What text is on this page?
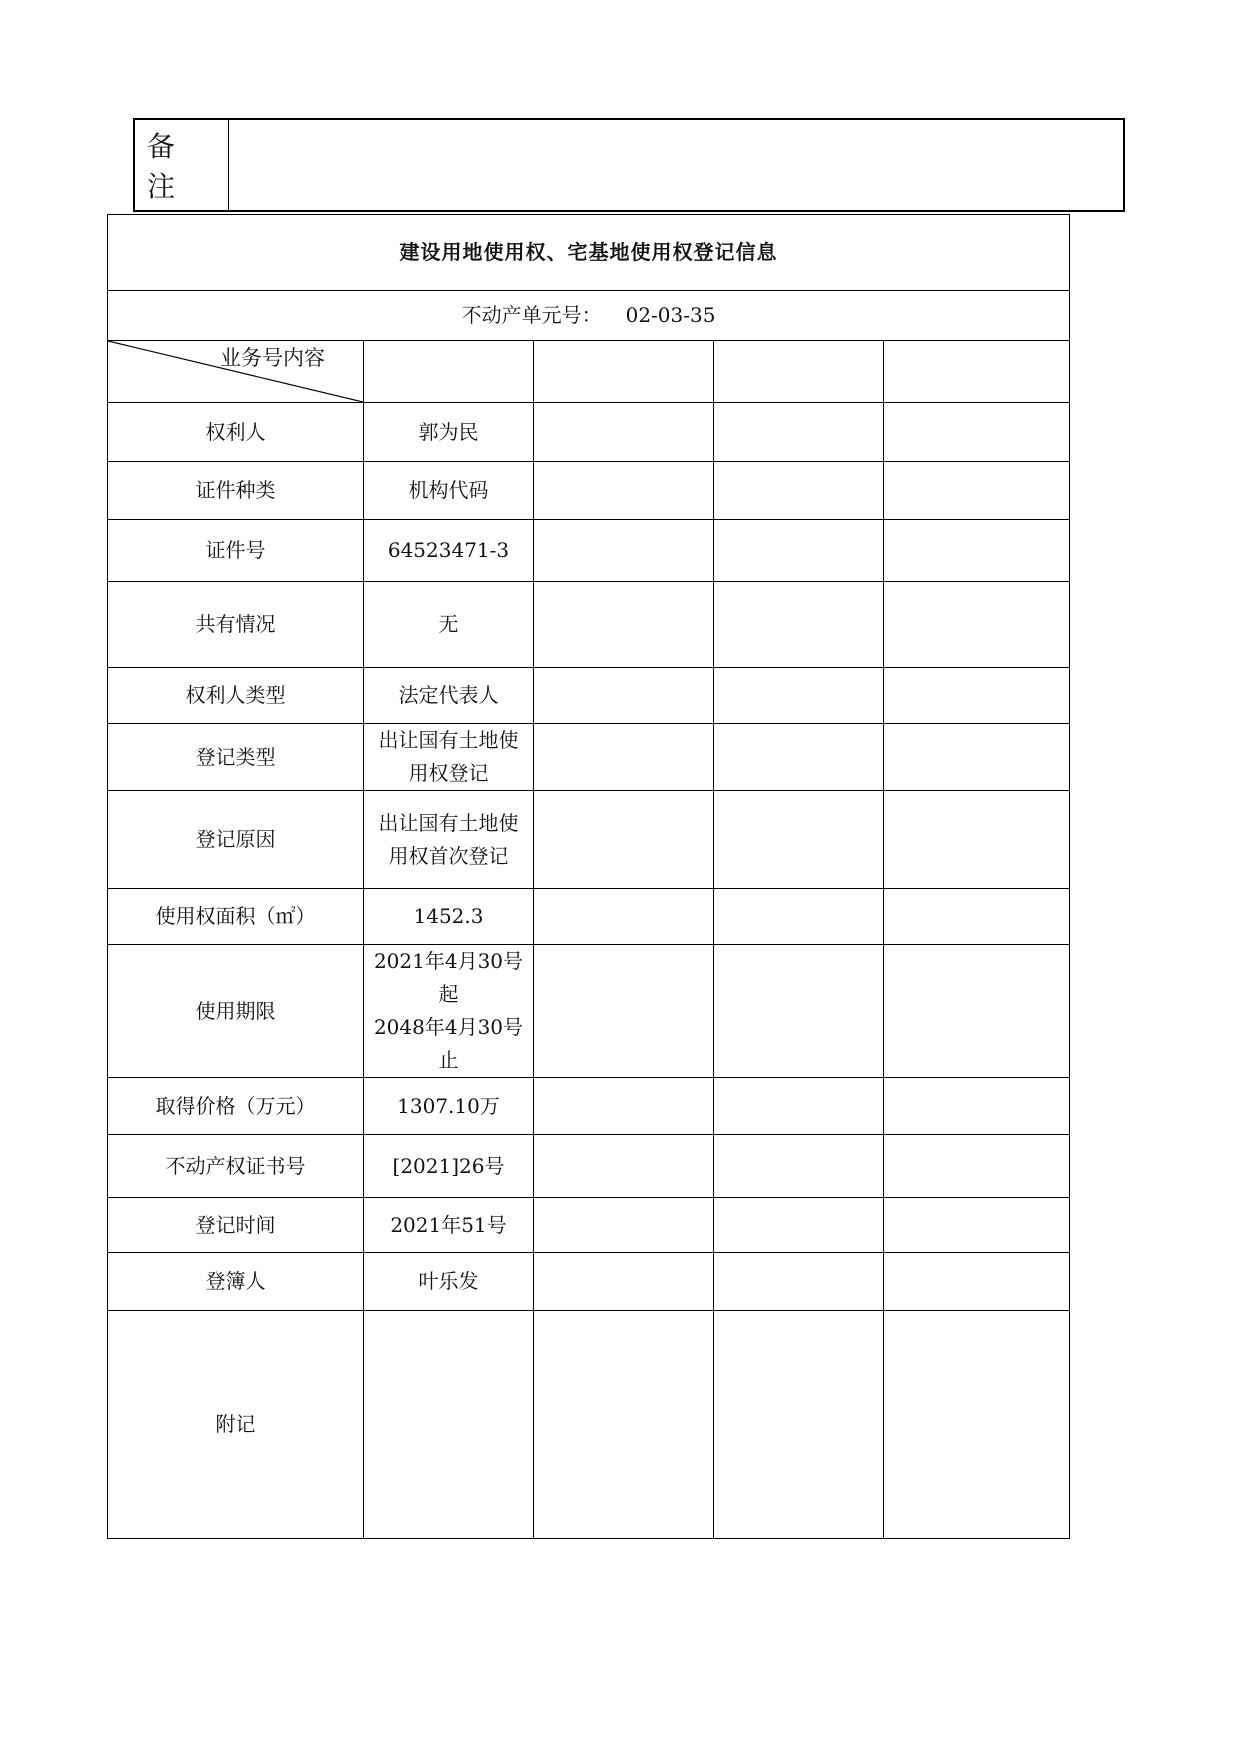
备 注
建设用地使用权、宅基地使用权登记信息				
不动产单元号： 02-03-35				

业务号内容				

权利人	郭为民			
证件种类	机构代码			
证件号	64523471-3			
共有情况	无			
权利人类型	法定代表人			
登记类型	出让国有土地使用权登记			
登记原因	出让国有土地使用权首次登记			
使用权面积（㎡）	1452.3			
使用期限	2021年4月30号起
2048年4月30号止			

取得价格（万元）	1307.10万			
不动产权证书号	[2021]26号			
登记时间	2021年51号			
登簿人	叶乐发			
附记				
